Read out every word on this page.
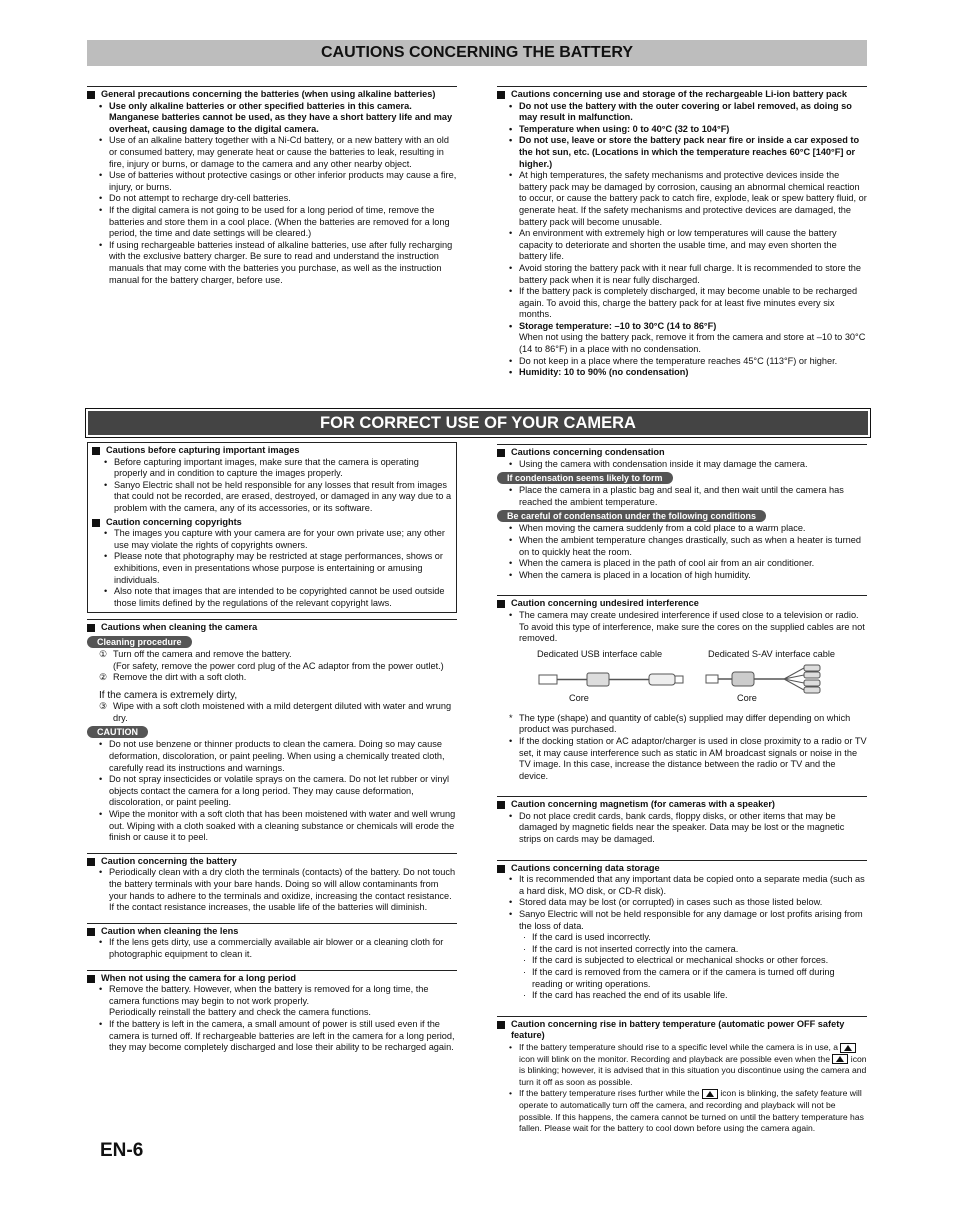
CAUTIONS CONCERNING THE BATTERY
General precautions concerning the batteries (when using alkaline batteries)
• Use only alkaline batteries or other specified batteries in this camera. Manganese batteries cannot be used, as they have a short battery life and may overheat, causing damage to the digital camera.
• Use of an alkaline battery together with a Ni-Cd battery, or a new battery with an old or consumed battery, may generate heat or cause the batteries to leak, resulting in fire, injury or burns, or damage to the camera and any other nearby object.
• Use of batteries without protective casings or other inferior products may cause a fire, injury, or burns.
• Do not attempt to recharge dry-cell batteries.
• If the digital camera is not going to be used for a long period of time, remove the batteries and store them in a cool place. (When the batteries are removed for a long period, the time and date settings will be cleared.)
• If using rechargeable batteries instead of alkaline batteries, use after fully recharging with the exclusive battery charger. Be sure to read and understand the instruction manuals that may come with the batteries you purchase, as well as the instruction manual for the battery charger, before use.
Cautions concerning use and storage of the rechargeable Li-ion battery pack
• Do not use the battery with the outer covering or label removed, as doing so may result in malfunction.
• Temperature when using: 0 to 40°C (32 to 104°F)
• Do not use, leave or store the battery pack near fire or inside a car exposed to the hot sun, etc. (Locations in which the temperature reaches 60°C [140°F] or higher.)
• At high temperatures, the safety mechanisms and protective devices inside the battery pack may be damaged by corrosion, causing an abnormal chemical reaction to occur, or cause the battery pack to catch fire, explode, leak or spew battery fluid, or generate heat. If the safety mechanisms and protective devices are damaged, the battery pack will become unusable.
• An environment with extremely high or low temperatures will cause the battery capacity to deteriorate and shorten the usable time, and may even shorten the battery life.
• Avoid storing the battery pack with it near full charge. It is recommended to store the battery pack when it is near fully discharged.
• If the battery pack is completely discharged, it may become unable to be recharged again. To avoid this, charge the battery pack for at least five minutes every six months.
• Storage temperature: –10 to 30°C (14 to 86°F)
When not using the battery pack, remove it from the camera and store at –10 to 30°C (14 to 86°F) in a place with no condensation.
• Do not keep in a place where the temperature reaches 45°C (113°F) or higher.
• Humidity: 10 to 90% (no condensation)
FOR CORRECT USE OF YOUR CAMERA
Cautions before capturing important images
• Before capturing important images, make sure that the camera is operating properly and in condition to capture the images properly.
• Sanyo Electric shall not be held responsible for any losses that result from images that could not be recorded, are erased, destroyed, or damaged in any way due to a problem with the camera, any of its accessories, or its software.
Caution concerning copyrights
• The images you capture with your camera are for your own private use; any other use may violate the rights of copyrights owners.
• Please note that photography may be restricted at stage performances, shows or exhibitions, even in presentations whose purpose is entertaining or amusing individuals.
• Also note that images that are intended to be copyrighted cannot be used outside those limits defined by the regulations of the relevant copyright laws.
Cautions when cleaning the camera
Cleaning procedure
① Turn off the camera and remove the battery.
(For safety, remove the power cord plug of the AC adaptor from the power outlet.)
② Remove the dirt with a soft cloth.
If the camera is extremely dirty,
③ Wipe with a soft cloth moistened with a mild detergent diluted with water and wrung dry.
CAUTION
• Do not use benzene or thinner products to clean the camera. Doing so may cause deformation, discoloration, or paint peeling. When using a chemically treated cloth, carefully read its instructions and warnings.
• Do not spray insecticides or volatile sprays on the camera. Do not let rubber or vinyl objects contact the camera for a long period. They may cause deformation, discoloration, or paint peeling.
• Wipe the monitor with a soft cloth that has been moistened with water and well wrung out. Wiping with a cloth soaked with a cleaning substance or chemicals will erode the finish or cause it to peel.
Caution concerning the battery
• Periodically clean with a dry cloth the terminals (contacts) of the battery. Do not touch the battery terminals with your bare hands. Doing so will allow contaminants from your hands to adhere to the terminals and oxidize, increasing the contact resistance. If the contact resistance increases, the usable life of the batteries will diminish.
Caution when cleaning the lens
• If the lens gets dirty, use a commercially available air blower or a cleaning cloth for photographic equipment to clean it.
When not using the camera for a long period
• Remove the battery. However, when the battery is removed for a long time, the camera functions may begin to not work properly.
Periodically reinstall the battery and check the camera functions.
• If the battery is left in the camera, a small amount of power is still used even if the camera is turned off. If rechargeable batteries are left in the camera for a long period, they may become completely discharged and lose their ability to be recharged again.
Cautions concerning condensation
• Using the camera with condensation inside it may damage the camera.
If condensation seems likely to form
• Place the camera in a plastic bag and seal it, and then wait until the camera has reached the ambient temperature.
Be careful of condensation under the following conditions
• When moving the camera suddenly from a cold place to a warm place.
• When the ambient temperature changes drastically, such as when a heater is turned on to quickly heat the room.
• When the camera is placed in the path of cool air from an air conditioner.
• When the camera is placed in a location of high humidity.
Caution concerning undesired interference
• The camera may create undesired interference if used close to a television or radio. To avoid this type of interference, make sure the cores on the supplied cables are not removed.
Dedicated USB interface cable	Dedicated S-AV interface cable
Core	Core
* The type (shape) and quantity of cable(s) supplied may differ depending on which product was purchased.
• If the docking station or AC adaptor/charger is used in close proximity to a radio or TV set, it may cause interference such as static in AM broadcast signals or noise in the TV image. In this case, increase the distance between the radio or TV and the device.
Caution concerning magnetism (for cameras with a speaker)
• Do not place credit cards, bank cards, floppy disks, or other items that may be damaged by magnetic fields near the speaker. Data may be lost or the magnetic strips on cards may be damaged.
Cautions concerning data storage
• It is recommended that any important data be copied onto a separate media (such as a hard disk, MO disk, or CD-R disk).
• Stored data may be lost (or corrupted) in cases such as those listed below.
• Sanyo Electric will not be held responsible for any damage or lost profits arising from the loss of data.
· If the card is used incorrectly.
· If the card is not inserted correctly into the camera.
· If the card is subjected to electrical or mechanical shocks or other forces.
· If the card is removed from the camera or if the camera is turned off during reading or writing operations.
· If the card has reached the end of its usable life.
Caution concerning rise in battery temperature (automatic power OFF safety feature)
• If the battery temperature should rise to a specific level while the camera is in use, a  icon will blink on the monitor. Recording and playback are possible even when the icon is blinking; however, it is advised that in this situation you discontinue using the camera and turn it off as soon as possible.
• If the battery temperature rises further while the icon is blinking, the safety feature will operate to automatically turn off the camera, and recording and playback will not be possible. If this happens, the camera cannot be turned on until the battery temperature has fallen. Please wait for the battery to cool down before using the camera again.
EN-6
